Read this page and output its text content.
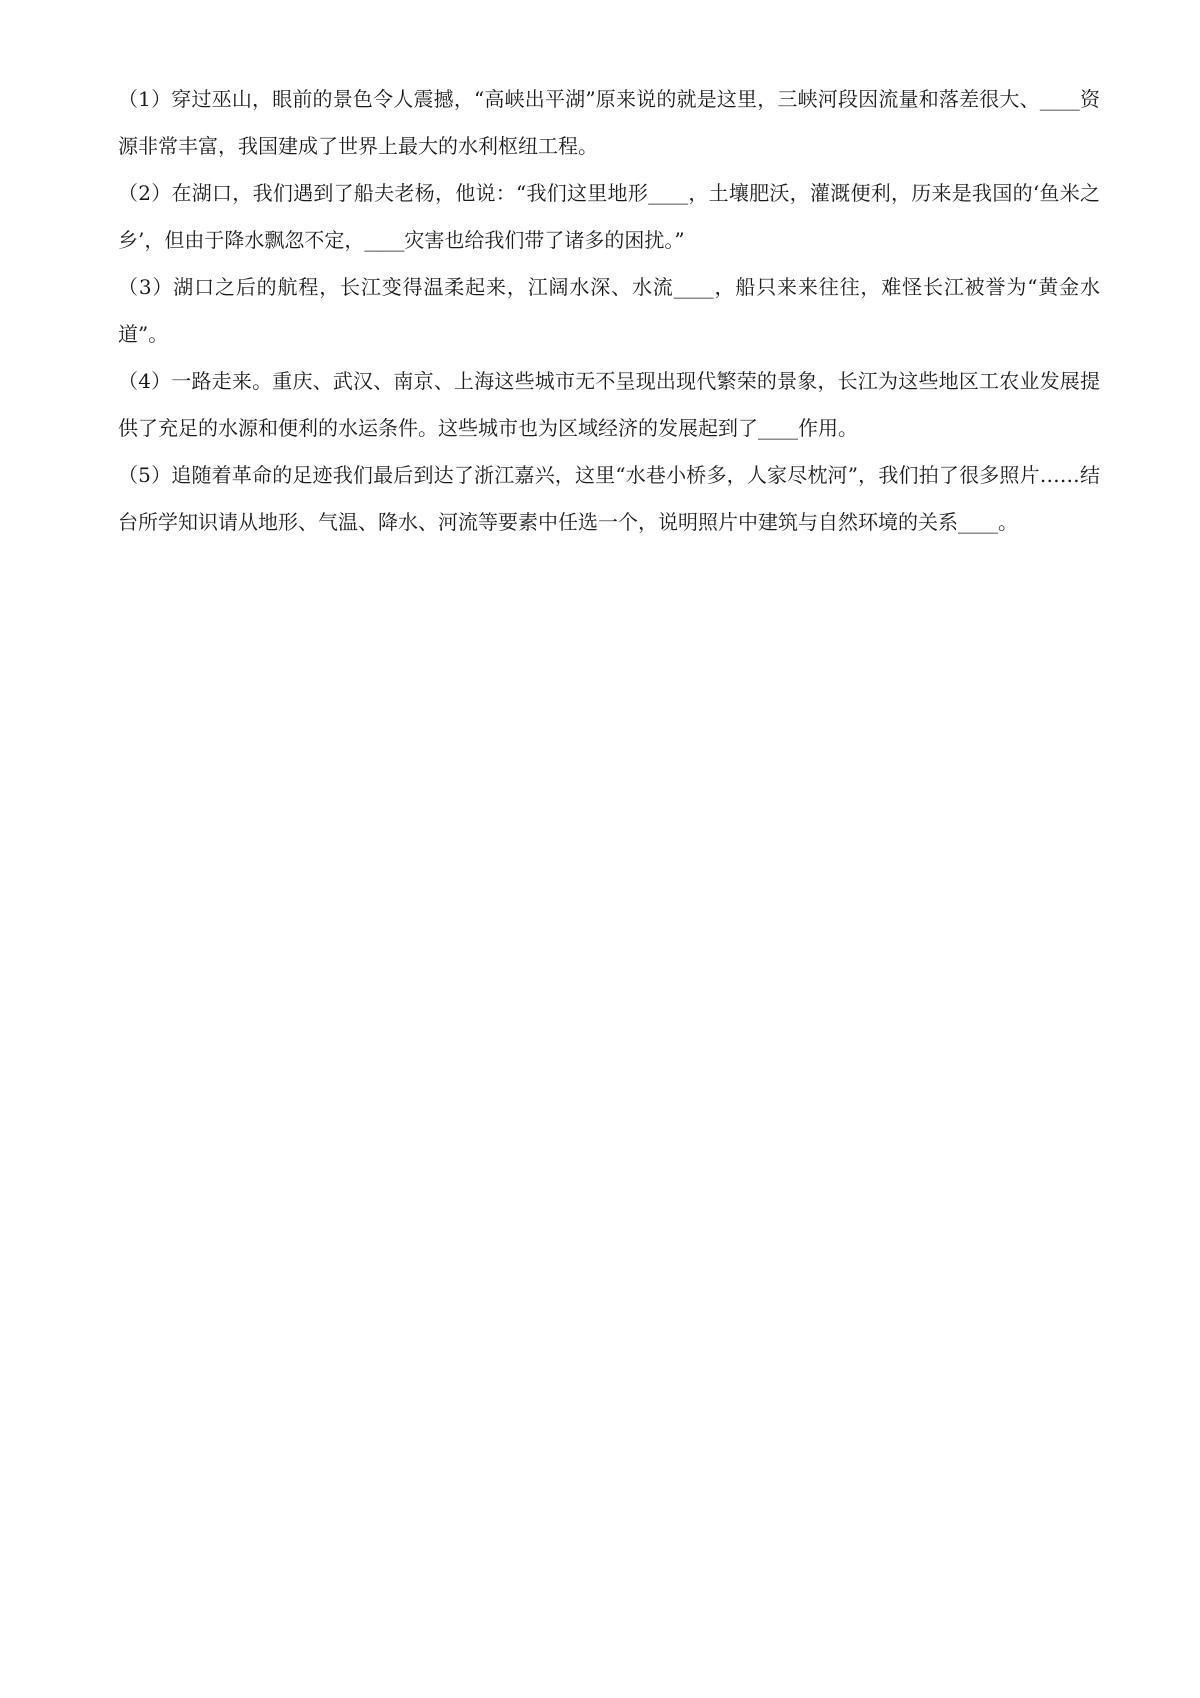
（1）穿过巫山，眼前的景色令人震撼，“高峡出平湖”原来说的就是这里，三峡河段因流量和落差很大、____资源非常丰富，我国建成了世界上最大的水利枢纽工程。

（2）在湖口，我们遇到了船夫老杨，他说：“我们这里地形____，土壤肥沃，灌溉便利，历来是我国的‘鱼米之乡’，但由于降水飘忽不定，____灾害也给我们带了诸多的困扰。”

（3）湖口之后的航程，长江变得温柔起来，江阔水深、水流____，船只来来往往，难怪长江被誉为“黄金水道”。

（4）一路走来。重庆、武汉、南京、上海这些城市无不呈现出现代繁荣的景象，长江为这些地区工农业发展提供了充足的水源和便利的水运条件。这些城市也为区域经济的发展起到了____作用。

（5）追随着革命的足迹我们最后到达了浙江嘉兴，这里“水巷小桥多，人家尽枕河”，我们拍了很多照片……结台所学知识请从地形、气温、降水、河流等要素中任选一个，说明照片中建筑与自然环境的关系____。
